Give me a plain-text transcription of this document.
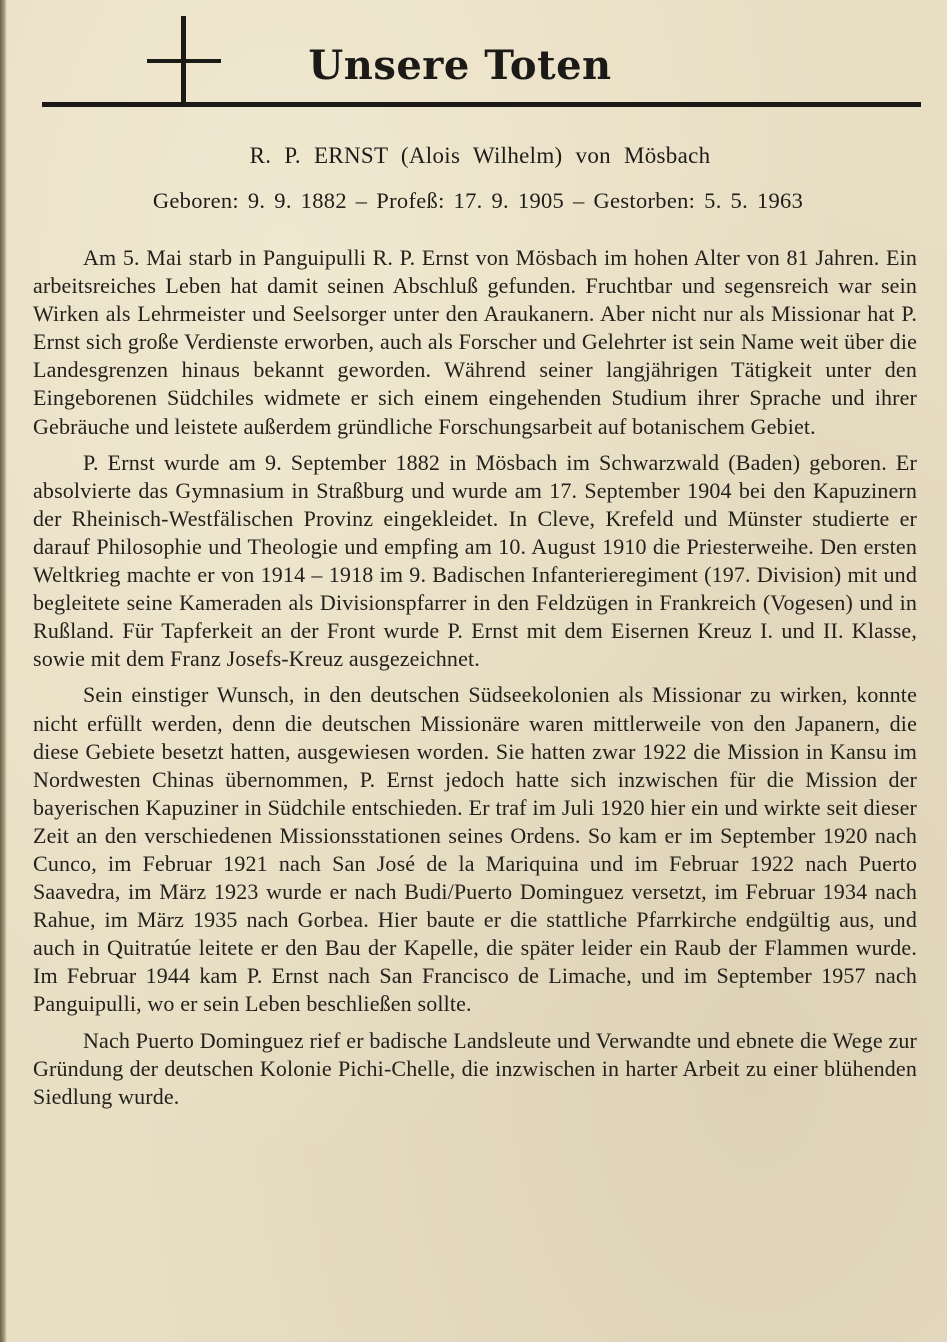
Unsere Toten
R. P. ERNST (Alois Wilhelm) von Mösbach
Geboren: 9. 9. 1882 – Profeß: 17. 9. 1905 – Gestorben: 5. 5. 1963

Am 5. Mai starb in Panguipulli R. P. Ernst von Mösbach im hohen Alter von 81 Jahren. Ein arbeitsreiches Leben hat damit seinen Abschluß gefunden. Fruchtbar und segensreich war sein Wirken als Lehrmeister und Seelsorger unter den Araukanern. Aber nicht nur als Missionar hat P. Ernst sich große Verdienste erworben, auch als Forscher und Gelehrter ist sein Name weit über die Landesgrenzen hinaus bekannt geworden. Während seiner langjährigen Tätigkeit unter den Eingeborenen Südchiles widmete er sich einem eingehenden Studium ihrer Sprache und ihrer Gebräuche und leistete außerdem gründliche Forschungsarbeit auf botanischem Gebiet.

P. Ernst wurde am 9. September 1882 in Mösbach im Schwarzwald (Baden) geboren. Er absolvierte das Gymnasium in Straßburg und wurde am 17. September 1904 bei den Kapuzinern der Rheinisch-Westfälischen Provinz eingekleidet. In Cleve, Krefeld und Münster studierte er darauf Philosophie und Theologie und empfing am 10. August 1910 die Priesterweihe. Den ersten Weltkrieg machte er von 1914 – 1918 im 9. Badischen Infanterieregiment (197. Division) mit und begleitete seine Kameraden als Divisionspfarrer in den Feldzügen in Frankreich (Vogesen) und in Rußland. Für Tapferkeit an der Front wurde P. Ernst mit dem Eisernen Kreuz I. und II. Klasse, sowie mit dem Franz Josefs-Kreuz ausgezeichnet.

Sein einstiger Wunsch, in den deutschen Südseekolonien als Missionar zu wirken, konnte nicht erfüllt werden, denn die deutschen Missionäre waren mittlerweile von den Japanern, die diese Gebiete besetzt hatten, ausgewiesen worden. Sie hatten zwar 1922 die Mission in Kansu im Nordwesten Chinas übernommen, P. Ernst jedoch hatte sich inzwischen für die Mission der bayerischen Kapuziner in Südchile entschieden. Er traf im Juli 1920 hier ein und wirkte seit dieser Zeit an den verschiedenen Missionsstationen seines Ordens. So kam er im September 1920 nach Cunco, im Februar 1921 nach San José de la Mariquina und im Februar 1922 nach Puerto Saavedra, im März 1923 wurde er nach Budi/Puerto Dominguez versetzt, im Februar 1934 nach Rahue, im März 1935 nach Gorbea. Hier baute er die stattliche Pfarrkirche endgültig aus, und auch in Quitratúe leitete er den Bau der Kapelle, die später leider ein Raub der Flammen wurde. Im Februar 1944 kam P. Ernst nach San Francisco de Limache, und im September 1957 nach Panguipulli, wo er sein Leben beschließen sollte.

Nach Puerto Dominguez rief er badische Landsleute und Verwandte und ebnete die Wege zur Gründung der deutschen Kolonie Pichi-Chelle, die inzwischen in harter Arbeit zu einer blühenden Siedlung wurde.
